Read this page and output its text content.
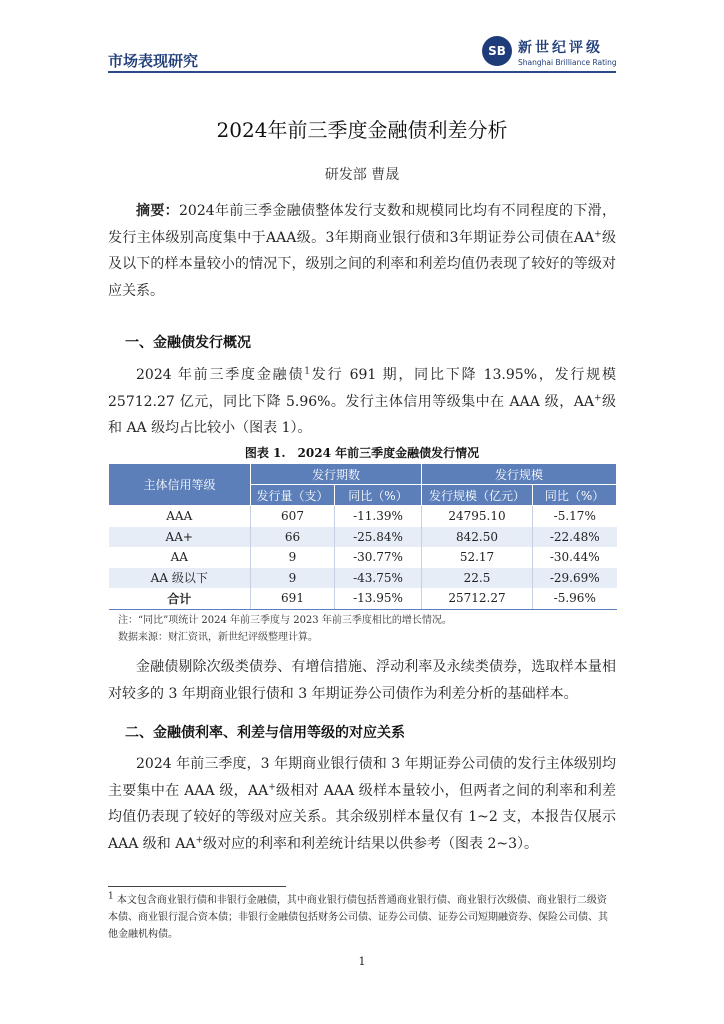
市场表现研究
SB 新世纪评级
Shanghai Brilliance Rating
2024年前三季度金融债利差分析
研发部 曹晟

摘要：2024年前三季金融债整体发行支数和规模同比均有不同程度的下滑，发行主体级别高度集中于AAA级。3年期商业银行债和3年期证券公司债在AA+级及以下的样本量较小的情况下，级别之间的利率和利差均值仍表现了较好的等级对应关系。

一、金融债发行概况

2024 年前三季度金融债$^1$发行 691 期，同比下降 13.95%，发行规模 25712.27 亿元，同比下降 5.96%。发行主体信用等级集中在 AAA 级，AA+级和 AA 级均占比较小（图表 1）。

图表 1.　2024 年前三季度金融债发行情况
主体信用等级	发行期数		发行规模	
	发行量（支）	同比（%）	发行规模（亿元）	同比（%）
AAA	607	-11.39%	24795.10	-5.17%
AA+	66	-25.84%	842.50	-22.48%
AA	9	-30.77%	52.17	-30.44%
AA 级以下	9	-43.75%	22.5	-29.69%
合计	691	-13.95%	25712.27	-5.96%
注：“同比”项统计 2024 年前三季度与 2023 年前三季度相比的增长情况。
数据来源：财汇资讯，新世纪评级整理计算。

金融债剔除次级类债券、有增信措施、浮动利率及永续类债券，选取样本量相对较多的 3 年期商业银行债和 3 年期证券公司债作为利差分析的基础样本。

二、金融债利率、利差与信用等级的对应关系

2024 年前三季度，3 年期商业银行债和 3 年期证券公司债的发行主体级别均主要集中在 AAA 级，AA+级相对 AAA 级样本量较小，但两者之间的利率和利差均值仍表现了较好的等级对应关系。其余级别样本量仅有 1~2 支，本报告仅展示 AAA 级和 AA+级对应的利率和利差统计结果以供参考（图表 2~3）。

$^1$ 本文包含商业银行债和非银行金融债，其中商业银行债包括普通商业银行债、商业银行次级债、商业银行二级资本债、商业银行混合资本债；非银行金融债包括财务公司债、证券公司债、证券公司短期融资券、保险公司债、其他金融机构债。

1
